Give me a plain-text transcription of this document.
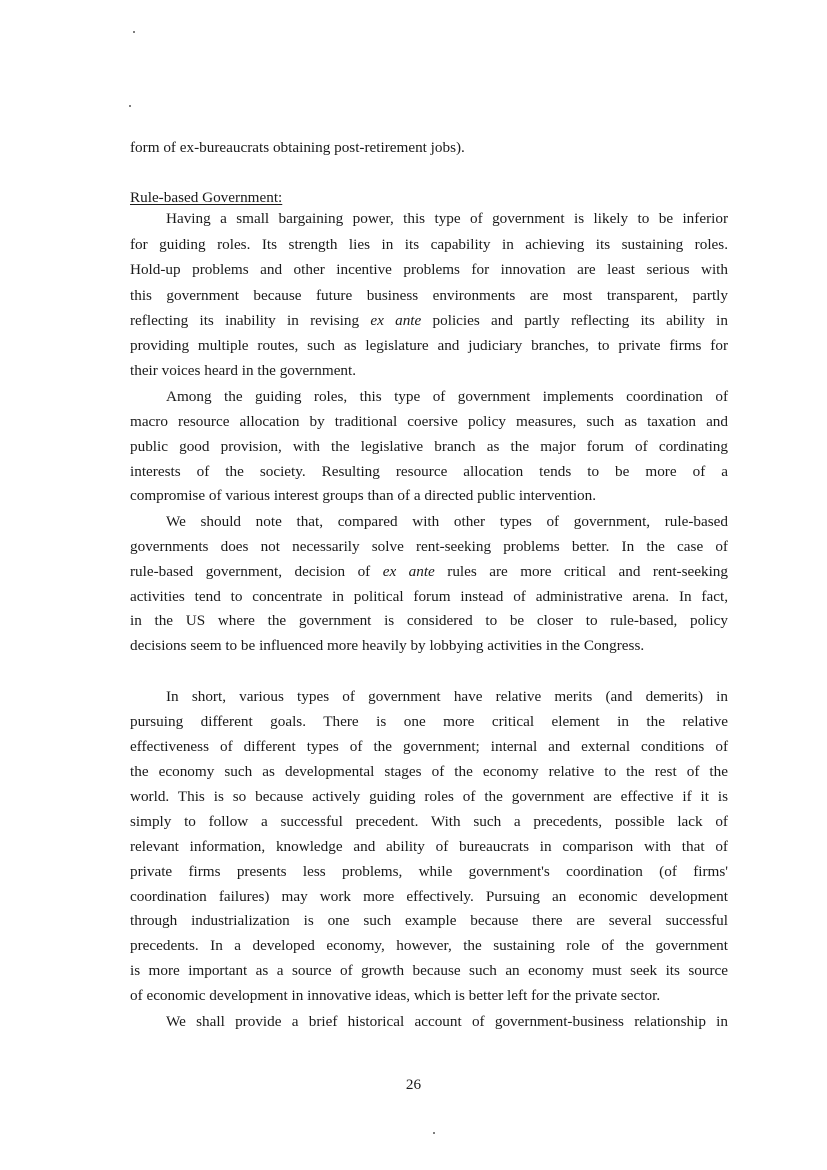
form of ex-bureaucrats obtaining post-retirement jobs).
Rule-based Government:
Having a small bargaining power, this type of government is likely to be inferior
for guiding roles. Its strength lies in its capability in achieving its sustaining roles.
Hold-up problems and other incentive problems for innovation are least serious with
this government because future business environments are most transparent, partly
reflecting its inability in revising ex ante policies and partly reflecting its ability in
providing multiple routes, such as legislature and judiciary branches, to private firms for
their voices heard in the government.
Among the guiding roles, this type of government implements coordination of
macro resource allocation by traditional coersive policy measures, such as taxation and
public good provision, with the legislative branch as the major forum of cordinating
interests of the society. Resulting resource allocation tends to be more of a
compromise of various interest groups than of a directed public intervention.
We should note that, compared with other types of government, rule-based
governments does not necessarily solve rent-seeking problems better. In the case of
rule-based government, decision of ex ante rules are more critical and rent-seeking
activities tend to concentrate in political forum instead of administrative arena. In fact,
in the US where the government is considered to be closer to rule-based, policy
decisions seem to be influenced more heavily by lobbying activities in the Congress.
In short, various types of government have relative merits (and demerits) in
pursuing different goals. There is one more critical element in the relative
effectiveness of different types of the government; internal and external conditions of
the economy such as developmental stages of the economy relative to the rest of the
world. This is so because actively guiding roles of the government are effective if it is
simply to follow a successful precedent. With such a precedents, possible lack of
relevant information, knowledge and ability of bureaucrats in comparison with that of
private firms presents less problems, while government's coordination (of firms'
coordination failures) may work more effectively. Pursuing an economic development
through industrialization is one such example because there are several successful
precedents. In a developed economy, however, the sustaining role of the government
is more important as a source of growth because such an economy must seek its source
of economic development in innovative ideas, which is better left for the private sector.
We shall provide a brief historical account of government-business relationship in
26
